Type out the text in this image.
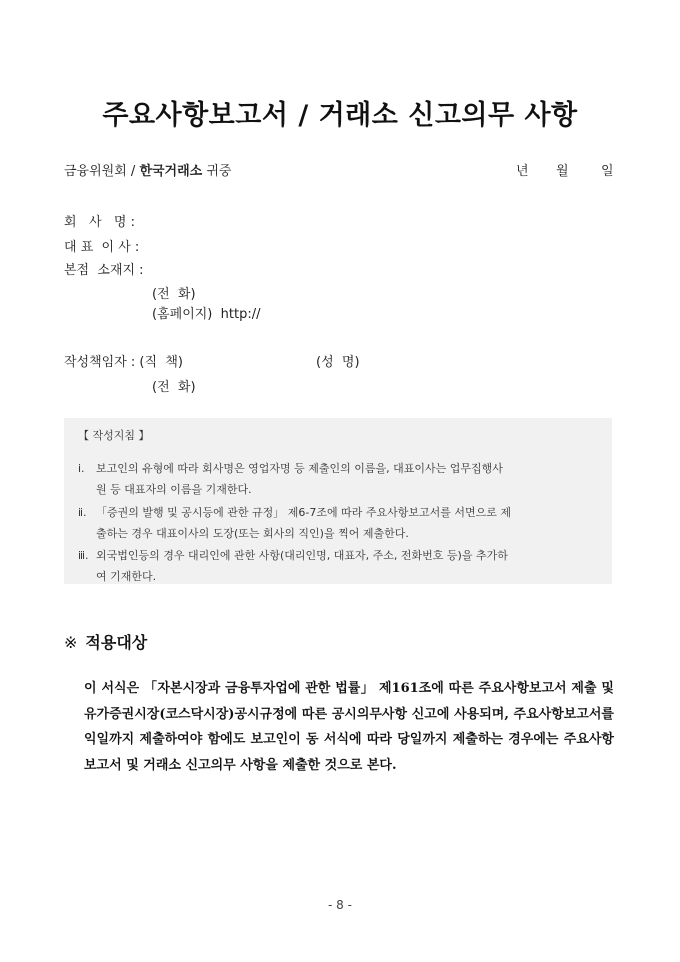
주요사항보고서 / 거래소 신고의무 사항
금융위원회 / 한국거래소 귀중	년 월 일
회   사   명 :
대 표  이 사 :
본점  소재지 :
(전  화)
(홈페이지)  http://
작성책임자 : (직  책)	(성  명)
(전  화)
【 작성지침 】
ⅰ. 보고인의 유형에 따라 회사명은 영업자명 등 제출인의 이름을, 대표이사는 업무집행사
원 등 대표자의 이름을 기재한다.
ⅱ. 「증권의 발행 및 공시등에 관한 규정」 제6-7조에 따라 주요사항보고서를 서면으로 제
출하는 경우 대표이사의 도장(또는 회사의 직인)을 찍어 제출한다.
ⅲ. 외국법인등의 경우 대리인에 관한 사항(대리인명, 대표자, 주소, 전화번호 등)을 추가하
여 기재한다.
※ 적용대상
이 서식은 「자본시장과 금융투자업에 관한 법률」 제161조에 따른 주요사항보고서 제출 및 유가증권시장(코스닥시장)공시규정에 따른 공시의무사항 신고에 사용되며, 주요사항보고서를 익일까지 제출하여야 함에도 보고인이 동 서식에 따라 당일까지 제출하는 경우에는 주요사항보고서 및 거래소 신고의무 사항을 제출한 것으로 본다.
- 8 -
